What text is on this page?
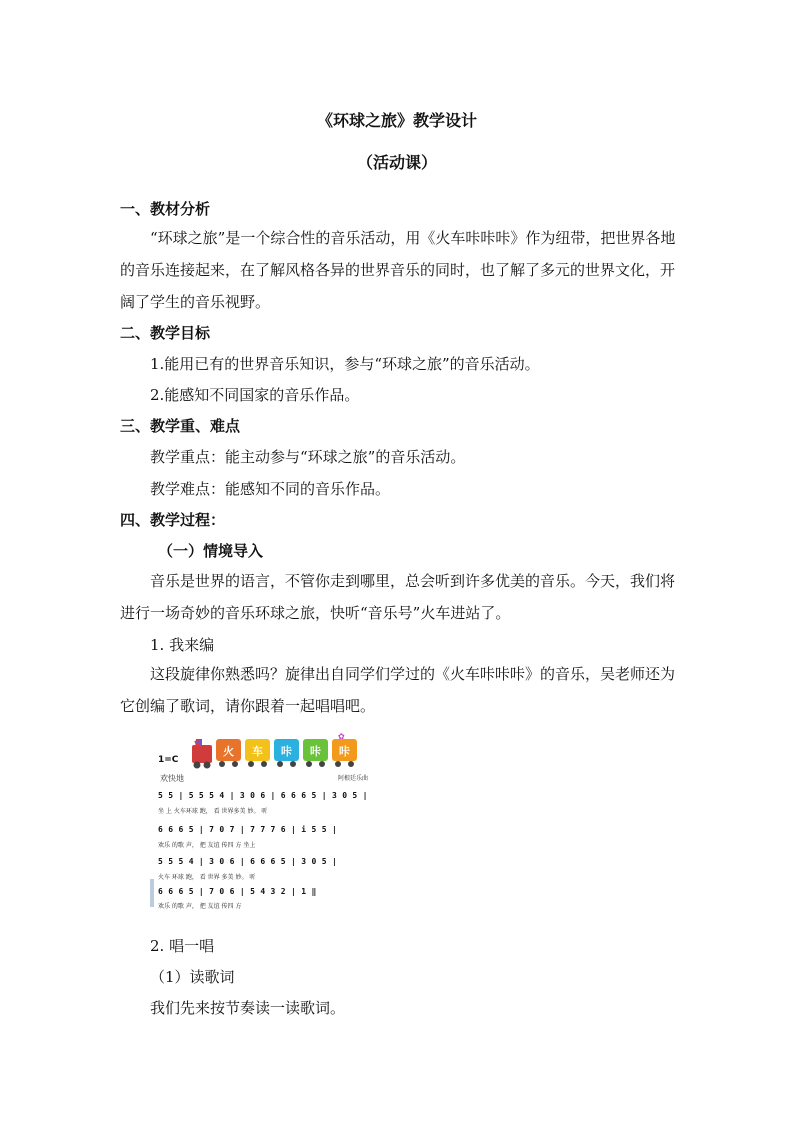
《环球之旅》教学设计
（活动课）
一、教材分析
“环球之旅”是一个综合性的音乐活动，用《火车咔咔咔》作为纽带，把世界各地的音乐连接起来，在了解风格各异的世界音乐的同时，也了解了多元的世界文化，开阔了学生的音乐视野。
二、教学目标
1.能用已有的世界音乐知识，参与“环球之旅”的音乐活动。
2.能感知不同国家的音乐作品。
三、教学重、难点
教学重点：能主动参与“环球之旅”的音乐活动。
教学难点：能感知不同的音乐作品。
四、教学过程：
（一）情境导入
音乐是世界的语言，不管你走到哪里，总会听到许多优美的音乐。今天，我们将进行一场奇妙的音乐环球之旅，快听“音乐号”火车进站了。
1. 我来编
这段旋律你熟悉吗？旋律出自同学们学过的《火车咔咔咔》的音乐，吴老师还为它创编了歌词，请你跟着一起唱唱吧。
火 车 咔 咔 咔
✿
✿
1=C
欢快地	阿根廷乐曲
5 5 | 5 5 5 4 | 3 0 6 | 6 6 6 5 | 3 0 5 |
坐 上 火车环球 跑， 看 世界多美 妙。 听
6 6 6 5 | 7 0 7 | 7 7 7 6 | i 5 5 |
欢乐 的歌 声， 把 友谊 传四 方 坐上
5 5 5 4 | 3 0 6 | 6 6 6 5 | 3 0 5 |
火车 环球 跑， 看 世界 多美 妙。 听
6 6 6 5 | 7 0 6 | 5 4 3 2 | 1 ‖
欢乐 的歌 声， 把 友谊 传四 方
2. 唱一唱
（1）读歌词
我们先来按节奏读一读歌词。
